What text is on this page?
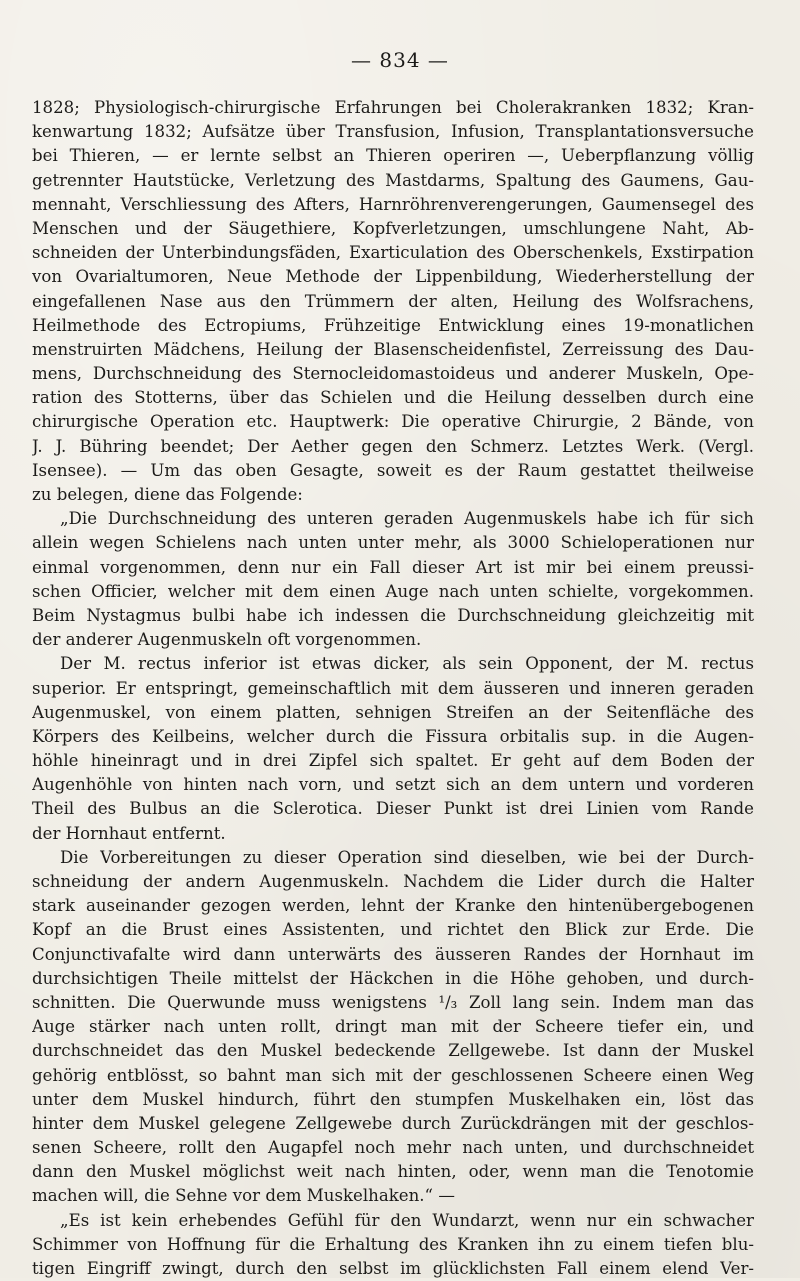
— 834 —
1828; Physiologisch-chirurgische Erfahrungen bei Cholerakranken 1832; Kran-
kenwartung 1832; Aufsätze über Transfusion, Infusion, Transplantationsversuche
bei Thieren, — er lernte selbst an Thieren operiren —, Ueberpflanzung völlig
getrennter Hautstücke, Verletzung des Mastdarms, Spaltung des Gaumens, Gau-
mennaht, Verschliessung des Afters, Harnröhrenverengerungen, Gaumensegel des
Menschen und der Säugethiere, Kopfverletzungen, umschlungene Naht, Ab-
schneiden der Unterbindungsfäden, Exarticulation des Oberschenkels, Exstirpation
von Ovarialtumoren, Neue Methode der Lippenbildung, Wiederherstellung der
eingefallenen Nase aus den Trümmern der alten, Heilung des Wolfsrachens,
Heilmethode des Ectropiums, Frühzeitige Entwicklung eines 19-monatlichen
menstruirten Mädchens, Heilung der Blasenscheidenfistel, Zerreissung des Dau-
mens, Durchschneidung des Sternocleidomastoideus und anderer Muskeln, Ope-
ration des Stotterns, über das Schielen und die Heilung desselben durch eine
chirurgische Operation etc. Hauptwerk: Die operative Chirurgie, 2 Bände, von
J. J. Bühring beendet; Der Aether gegen den Schmerz. Letztes Werk. (Vergl.
Isensee). — Um das oben Gesagte, soweit es der Raum gestattet theilweise
zu belegen, diene das Folgende:
„Die Durchschneidung des unteren geraden Augenmuskels habe ich für sich
allein wegen Schielens nach unten unter mehr, als 3000 Schieloperationen nur
einmal vorgenommen, denn nur ein Fall dieser Art ist mir bei einem preussi-
schen Officier, welcher mit dem einen Auge nach unten schielte, vorgekommen.
Beim Nystagmus bulbi habe ich indessen die Durchschneidung gleichzeitig mit
der anderer Augenmuskeln oft vorgenommen.
Der M. rectus inferior ist etwas dicker, als sein Opponent, der M. rectus
superior. Er entspringt, gemeinschaftlich mit dem äusseren und inneren geraden
Augenmuskel, von einem platten, sehnigen Streifen an der Seitenfläche des
Körpers des Keilbeins, welcher durch die Fissura orbitalis sup. in die Augen-
höhle hineinragt und in drei Zipfel sich spaltet. Er geht auf dem Boden der
Augenhöhle von hinten nach vorn, und setzt sich an dem untern und vorderen
Theil des Bulbus an die Sclerotica. Dieser Punkt ist drei Linien vom Rande
der Hornhaut entfernt.
Die Vorbereitungen zu dieser Operation sind dieselben, wie bei der Durch-
schneidung der andern Augenmuskeln. Nachdem die Lider durch die Halter
stark auseinander gezogen werden, lehnt der Kranke den hintenübergebogenen
Kopf an die Brust eines Assistenten, und richtet den Blick zur Erde. Die
Conjunctivafalte wird dann unterwärts des äusseren Randes der Hornhaut im
durchsichtigen Theile mittelst der Häckchen in die Höhe gehoben, und durch-
schnitten. Die Querwunde muss wenigstens ¹/₃ Zoll lang sein. Indem man das
Auge stärker nach unten rollt, dringt man mit der Scheere tiefer ein, und
durchschneidet das den Muskel bedeckende Zellgewebe. Ist dann der Muskel
gehörig entblösst, so bahnt man sich mit der geschlossenen Scheere einen Weg
unter dem Muskel hindurch, führt den stumpfen Muskelhaken ein, löst das
hinter dem Muskel gelegene Zellgewebe durch Zurückdrängen mit der geschlos-
senen Scheere, rollt den Augapfel noch mehr nach unten, und durchschneidet
dann den Muskel möglichst weit nach hinten, oder, wenn man die Tenotomie
machen will, die Sehne vor dem Muskelhaken.“ —
„Es ist kein erhebendes Gefühl für den Wundarzt, wenn nur ein schwacher
Schimmer von Hoffnung für die Erhaltung des Kranken ihn zu einem tiefen blu-
tigen Eingriff zwingt, durch den selbst im glücklichsten Fall einem elend Ver-
